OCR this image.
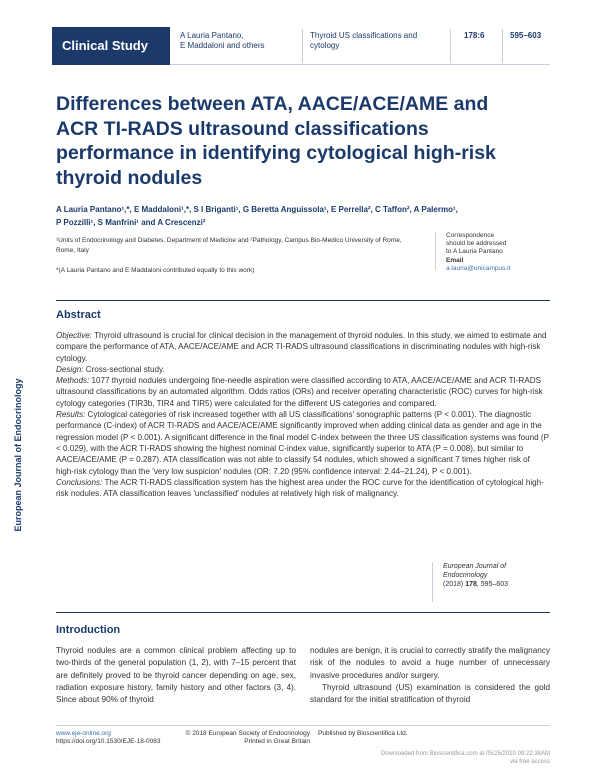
Clinical Study
A Lauria Pantano,
E Maddaloni and others
Thyroid US classifications and
cytology
178:6	595–603
European Journal of Endocrinology
Differences between ATA, AACE/ACE/AME and ACR TI-RADS ultrasound classifications performance in identifying cytological high-risk thyroid nodules
A Lauria Pantano¹,*, E Maddaloni¹,*, S I Briganti¹, G Beretta Anguissola¹, E Perrella², C Taffon², A Palermo¹,
P Pozzilli¹, S Manfrini¹ and A Crescenzi²
¹Units of Endocrinology and Diabetes, Department of Medicine and ²Pathology, Campus Bio-Medico University of Rome, Rome, Italy
*(A Lauria Pantano and E Maddaloni contributed equally to this work)
Correspondence
should be addressed
to A Lauria Pantano
Email
a.lauria@unicampus.it
Abstract

Objective: Thyroid ultrasound is crucial for clinical decision in the management of thyroid nodules. In this study, we aimed to estimate and compare the performance of ATA, AACE/ACE/AME and ACR TI-RADS ultrasound classifications in discriminating nodules with high-risk cytology.

Design: Cross-sectional study.

Methods: 1077 thyroid nodules undergoing fine-needle aspiration were classified according to ATA, AACE/ACE/AME and ACR TI-RADS ultrasound classifications by an automated algorithm. Odds ratios (ORs) and receiver operating characteristic (ROC) curves for high-risk cytology categories (TIR3b, TIR4 and TIR5) were calculated for the different US categories and compared.

Results: Cytological categories of risk increased together with all US classifications' sonographic patterns (P < 0.001). The diagnostic performance (C-index) of ACR TI-RADS and AACE/ACE/AME significantly improved when adding clinical data as gender and age in the regression model (P < 0.001). A significant difference in the final model C-index between the three US classification systems was found (P < 0.029), with the ACR TI-RADS showing the highest nominal C-index value, significantly superior to ATA (P = 0.008), but similar to AACE/ACE/AME (P = 0.287). ATA classification was not able to classify 54 nodules, which showed a significant 7 times higher risk of high-risk cytology than the 'very low suspicion' nodules (OR: 7.20 (95% confidence interval: 2.44–21.24), P < 0.001).

Conclusions: The ACR TI-RADS classification system has the highest area under the ROC curve for the identification of cytological high-risk nodules. ATA classification leaves 'unclassified' nodules at relatively high risk of malignancy.

European Journal of
Endocrinology
(2018) 178, 595–603
Introduction
Thyroid nodules are a common clinical problem affecting up to two-thirds of the general population (1, 2), with 7–15 percent that are definitely proved to be thyroid cancer depending on age, sex, radiation exposure history, family history and other factors (3, 4). Since about 90% of thyroid
nodules are benign, it is crucial to correctly stratify the malignancy risk of the nodules to avoid a huge number of unnecessary invasive procedures and/or surgery.
Thyroid ultrasound (US) examination is considered the gold standard for the initial stratification of thyroid
www.eje-online.org
https://doi.org/10.1530/EJE-18-0083
© 2018 European Society of Endocrinology
Printed in Great Britain
Published by Bioscientifica Ltd.
Downloaded from Bioscientifica.com at 05/25/2020 09:22:38AM
via free access
